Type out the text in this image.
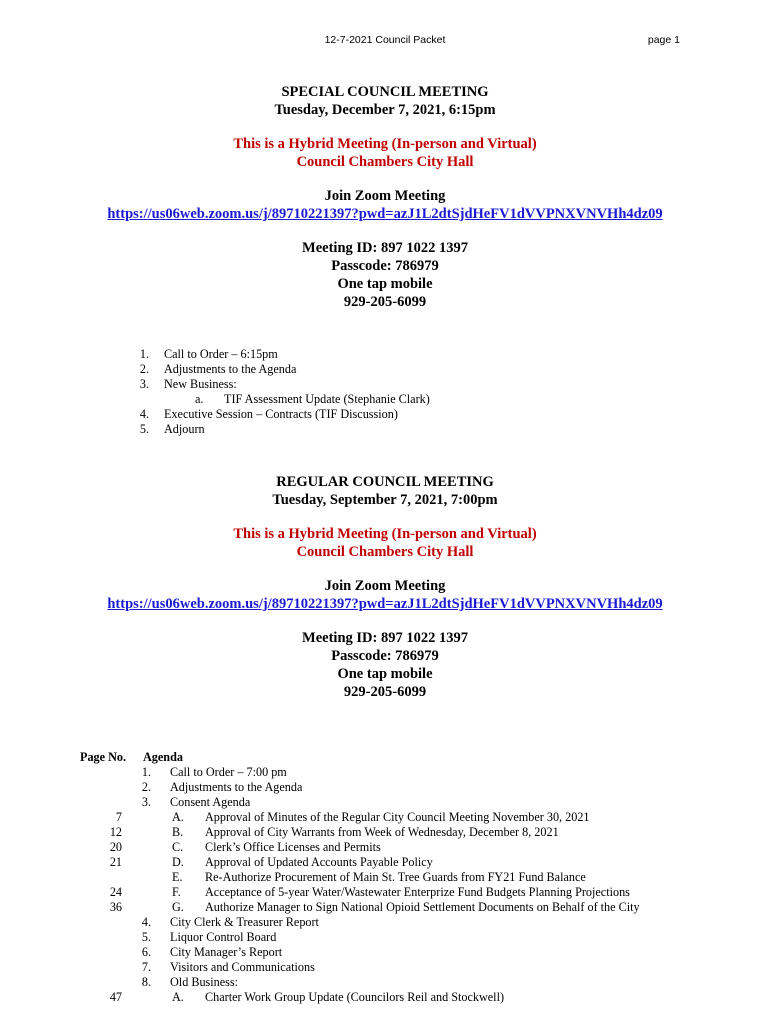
12-7-2021 Council Packet	page 1
SPECIAL COUNCIL MEETING
Tuesday, December 7, 2021, 6:15pm
This is a Hybrid Meeting (In-person and Virtual)
Council Chambers City Hall
Join Zoom Meeting
https://us06web.zoom.us/j/89710221397?pwd=azJ1L2dtSjdHeFV1dVVPNXVNVHh4dz09
Meeting ID: 897 1022 1397
Passcode: 786979
One tap mobile
929-205-6099
1. Call to Order – 6:15pm
2. Adjustments to the Agenda
3. New Business:
a. TIF Assessment Update (Stephanie Clark)
4. Executive Session – Contracts (TIF Discussion)
5. Adjourn
REGULAR COUNCIL MEETING
Tuesday, September 7, 2021, 7:00pm
This is a Hybrid Meeting (In-person and Virtual)
Council Chambers City Hall
Join Zoom Meeting
https://us06web.zoom.us/j/89710221397?pwd=azJ1L2dtSjdHeFV1dVVPNXVNVHh4dz09
Meeting ID: 897 1022 1397
Passcode: 786979
One tap mobile
929-205-6099
Page No. Agenda
1. Call to Order – 7:00 pm
2. Adjustments to the Agenda
3. Consent Agenda
7	A.	Approval of Minutes of the Regular City Council Meeting November 30, 2021
12	B.	Approval of City Warrants from Week of Wednesday, December 8, 2021
20	C.	Clerk’s Office Licenses and Permits
21	D.	Approval of Updated Accounts Payable Policy
E.	Re-Authorize Procurement of Main St. Tree Guards from FY21 Fund Balance
24	F.	Acceptance of 5-year Water/Wastewater Enterprize Fund Budgets Planning Projections
36	G.	Authorize Manager to Sign National Opioid Settlement Documents on Behalf of the City
4. City Clerk & Treasurer Report
5. Liquor Control Board
6. City Manager’s Report
7. Visitors and Communications
8. Old Business:
47	A.	Charter Work Group Update (Councilors Reil and Stockwell)
